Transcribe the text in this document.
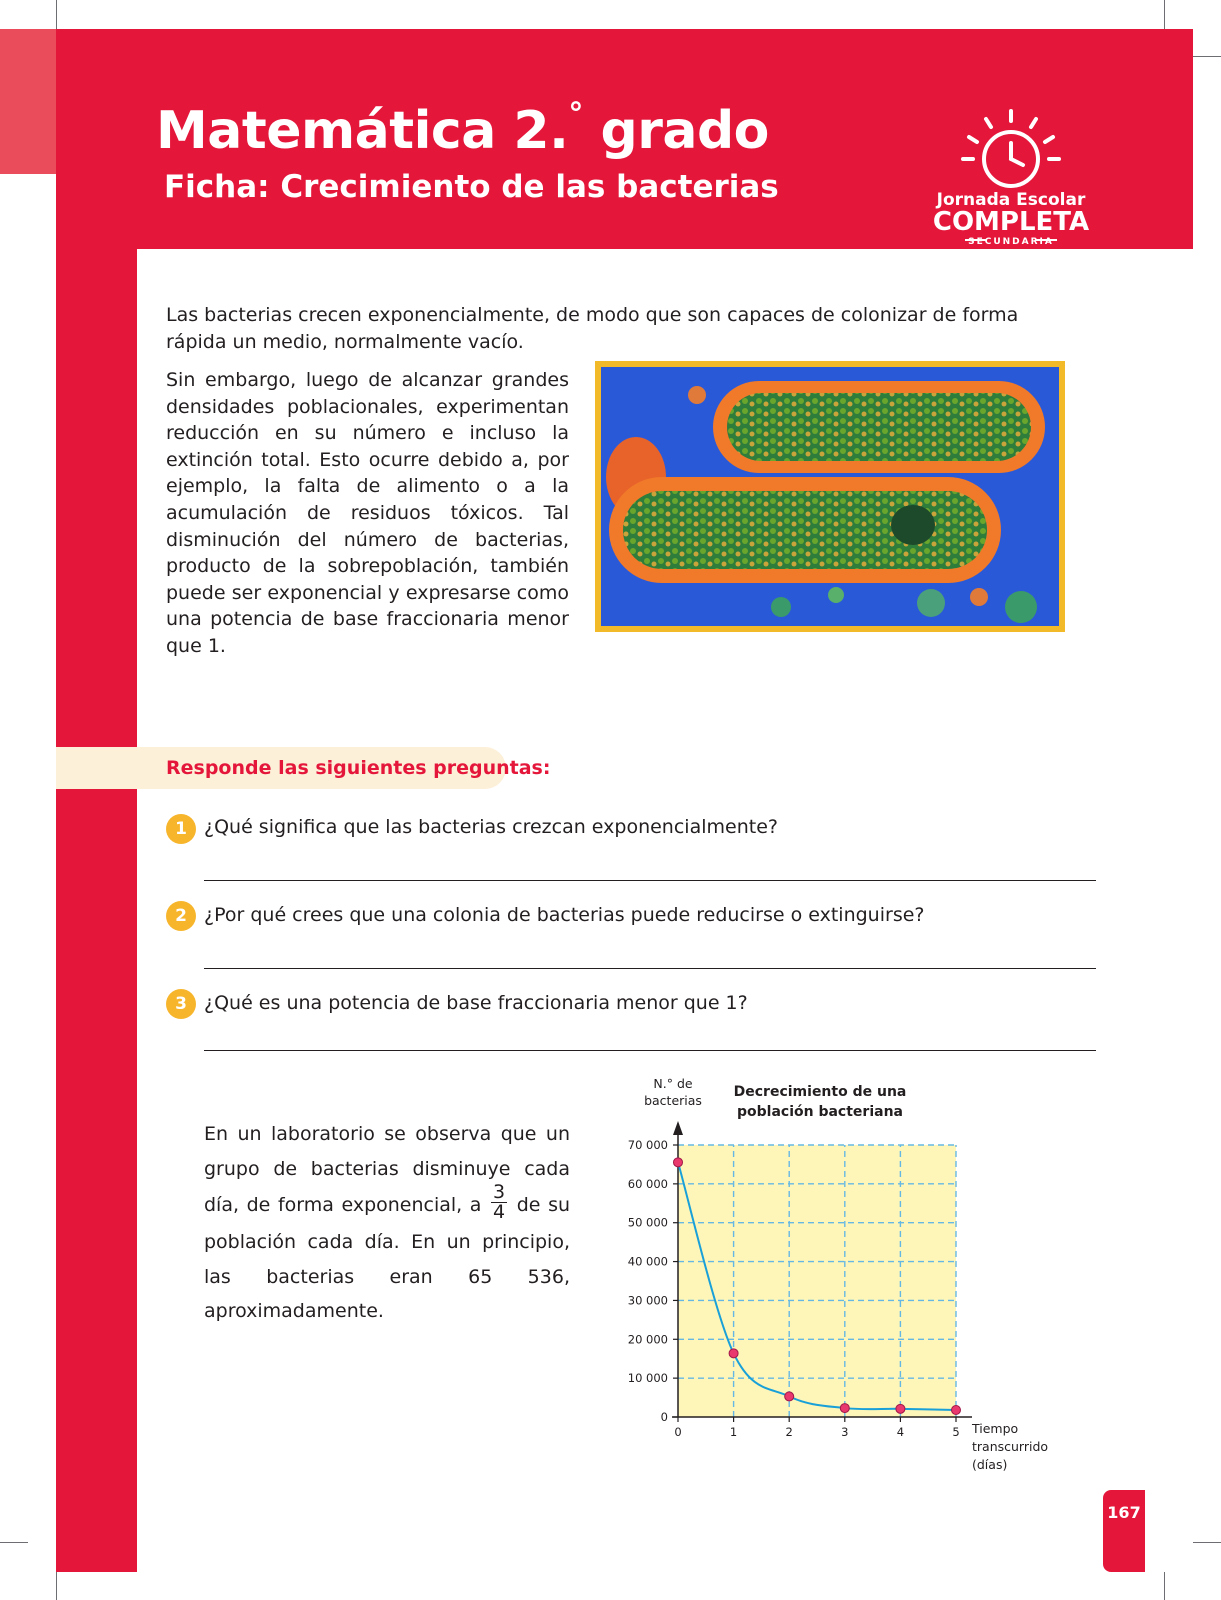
Matemática 2.° grado
Ficha: Crecimiento de las bacterias	Jornada Escolar
COMPLETA
SECUNDARIA
Las bacterias crecen exponencialmente, de modo que son capaces de colonizar de forma rápida un medio, normalmente vacío.
Sin embargo, luego de alcanzar grandes densidades poblacionales, experimentan reducción en su número e incluso la extinción total. Esto ocurre debido a, por ejemplo, la falta de alimento o a la acumulación de residuos tóxicos. Tal disminución del número de bacterias, producto de la sobrepoblación, también puede ser exponencial y expresarse como una potencia de base fraccionaria menor que 1.
Responde las siguientes preguntas:
1 ¿Qué significa que las bacterias crezcan exponencialmente?
2 ¿Por qué crees que una colonia de bacterias puede reducirse o extinguirse?
3 ¿Qué es una potencia de base fraccionaria menor que 1?
En un laboratorio se observa que un grupo de bacterias disminuye cada día, de forma exponencial, a $\frac{3}{4}$ de su población cada día. En un principio, las bacterias eran 65 536, aproximadamente.
0
10 000
20 000
30 000
40 000
50 000
60 000
70 000
0	1	2	3	4	5
N.° de
bacterias
Decrecimiento de una
población bacteriana
Tiempo
transcurrido
(días)
167
